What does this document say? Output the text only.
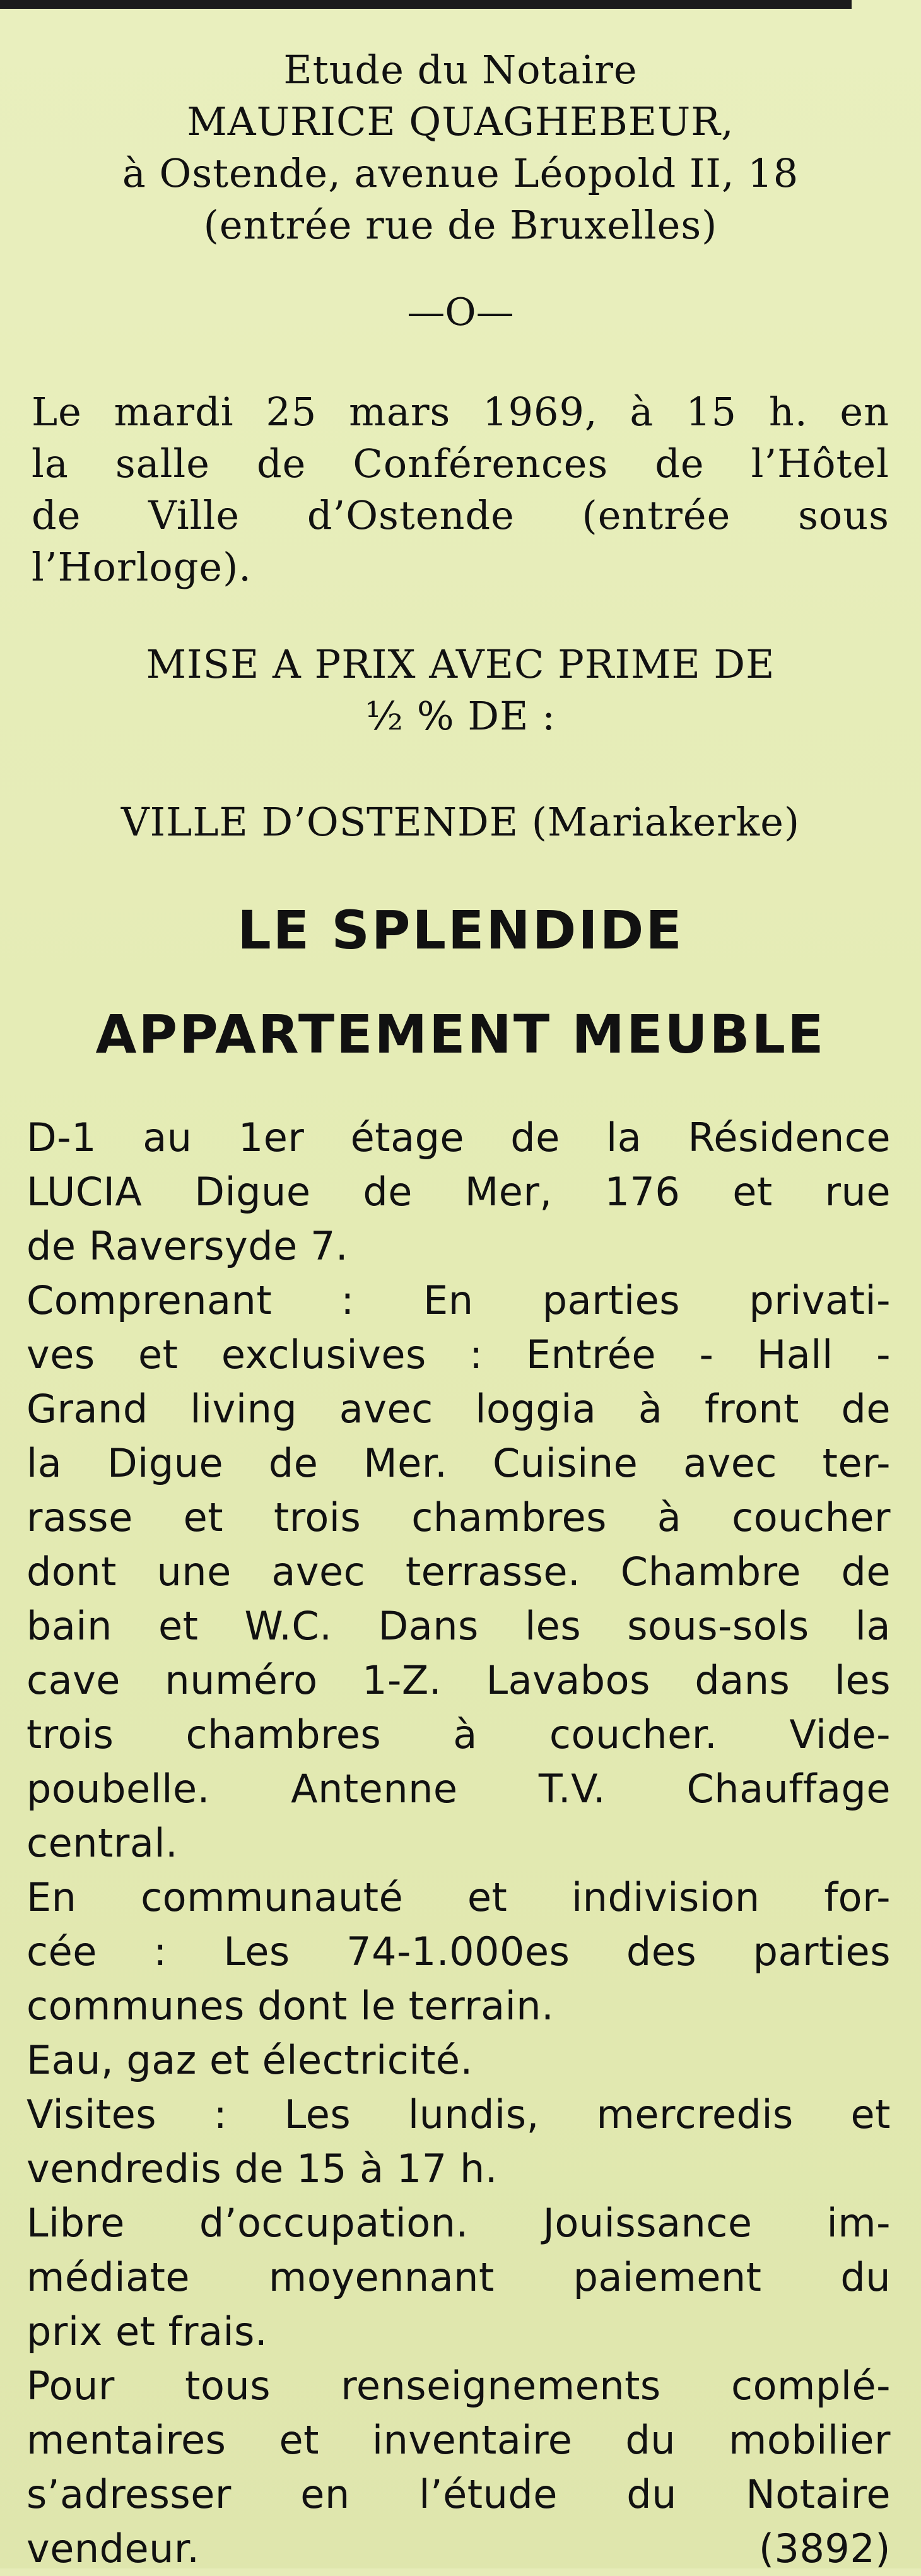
Etude du Notaire
MAURICE QUAGHEBEUR,
à Ostende, avenue Léopold II, 18
(entrée rue de Bruxelles)
—O—
Le mardi 25 mars 1969, à 15 h. en
la salle de Conférences de l’Hôtel
de Ville d’Ostende (entrée sous
l’Horloge).
MISE A PRIX AVEC PRIME DE
½ % DE :
VILLE D’OSTENDE (Mariakerke)
LE SPLENDIDE
APPARTEMENT MEUBLE
D-1 au 1er étage de la Résidence
LUCIA Digue de Mer, 176 et rue
de Raversyde 7.
Comprenant : En parties privati-
ves et exclusives : Entrée - Hall -
Grand living avec loggia à front de
la Digue de Mer. Cuisine avec ter-
rasse et trois chambres à coucher
dont une avec terrasse. Chambre de
bain et W.C. Dans les sous-sols la
cave numéro 1-Z. Lavabos dans les
trois chambres à coucher. Vide-
poubelle. Antenne T.V. Chauffage
central.
En communauté et indivision for-
cée : Les 74-1.000es des parties
communes dont le terrain.
Eau, gaz et électricité.
Visites : Les lundis, mercredis et
vendredis de 15 à 17 h.
Libre d’occupation. Jouissance im-
médiate moyennant paiement du
prix et frais.
Pour tous renseignements complé-
mentaires et inventaire du mobilier
s’adresser en l’étude du Notaire
vendeur.	(3892)
